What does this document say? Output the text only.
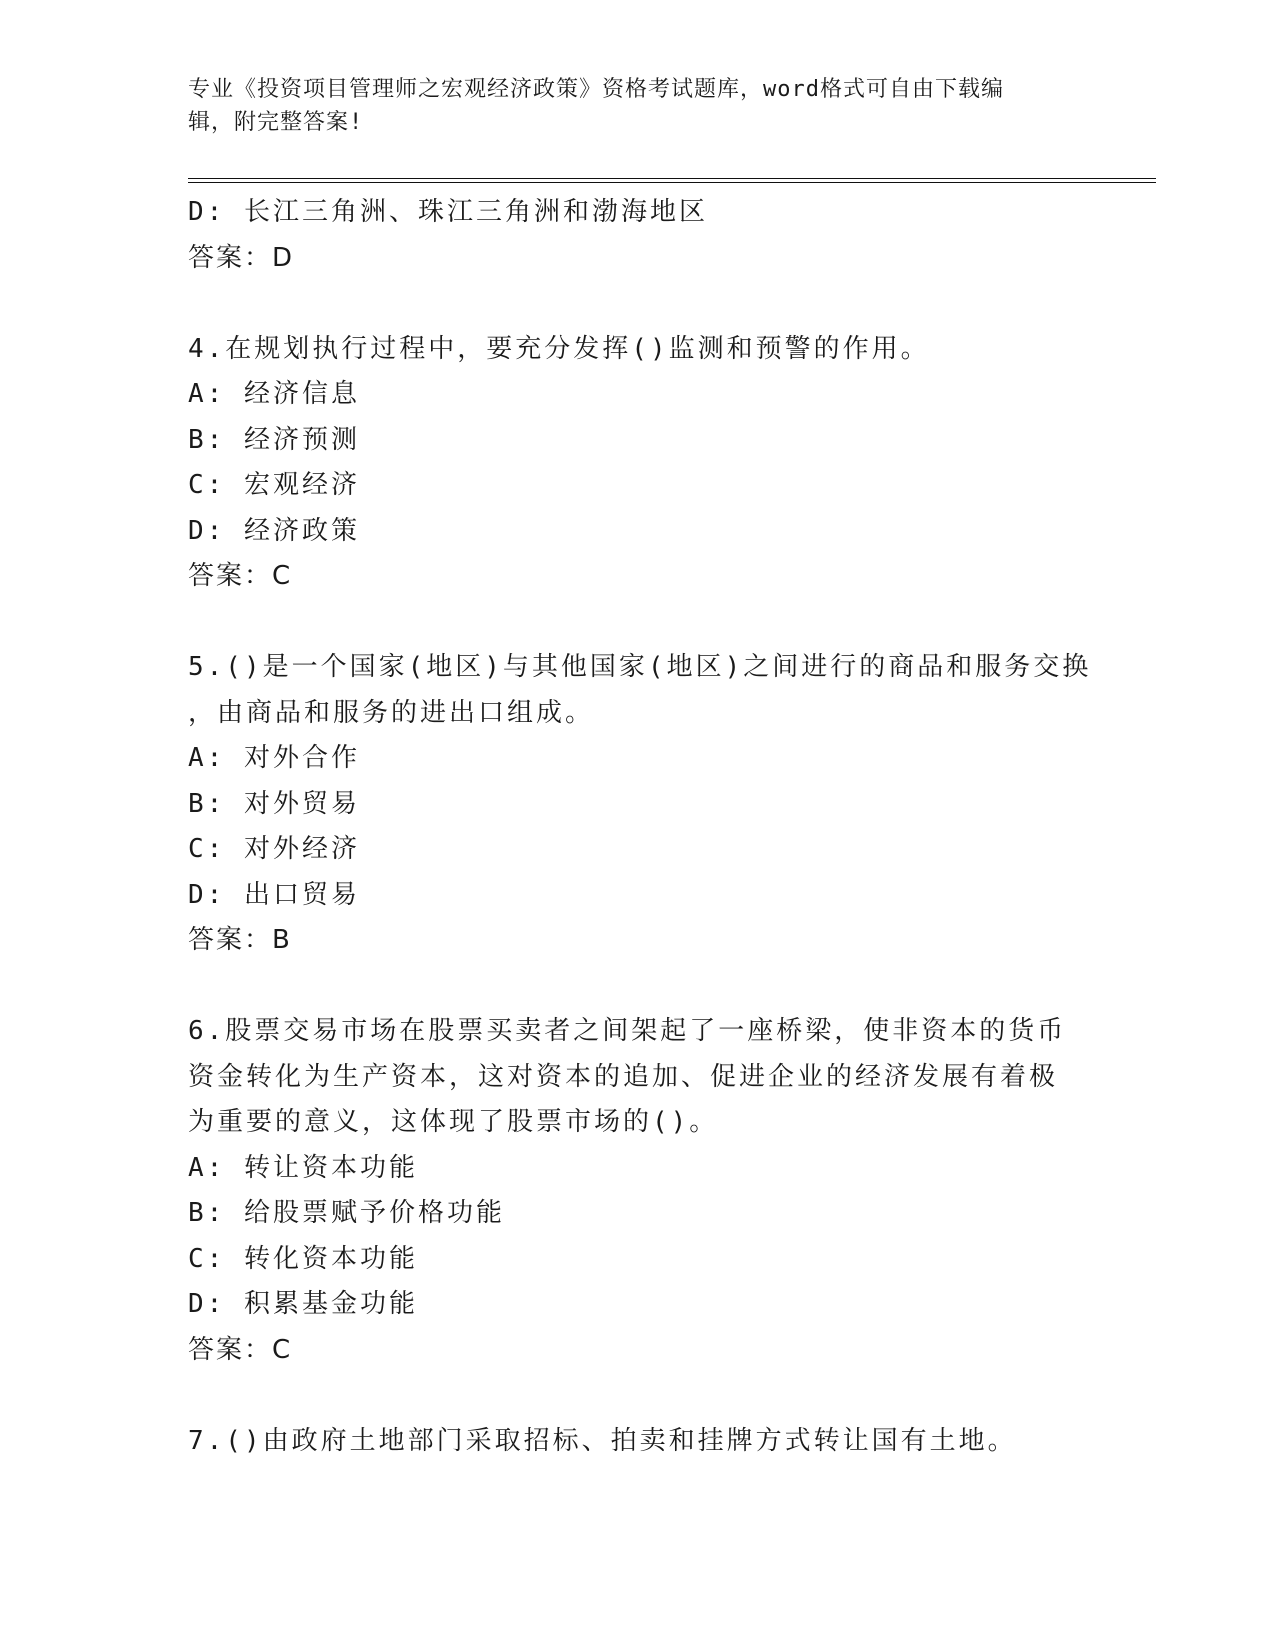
专业《投资项目管理师之宏观经济政策》资格考试题库，word格式可自由下载编
辑，附完整答案!

D: 长江三角洲、珠江三角洲和渤海地区

答案：D

4.在规划执行过程中，要充分发挥()监测和预警的作用。

A: 经济信息

B: 经济预测

C: 宏观经济

D: 经济政策

答案：C

5.()是一个国家(地区)与其他国家(地区)之间进行的商品和服务交换

，由商品和服务的进出口组成。

A: 对外合作

B: 对外贸易

C: 对外经济

D: 出口贸易

答案：B

6.股票交易市场在股票买卖者之间架起了一座桥梁，使非资本的货币

资金转化为生产资本，这对资本的追加、促进企业的经济发展有着极

为重要的意义，这体现了股票市场的()。

A: 转让资本功能

B: 给股票赋予价格功能

C: 转化资本功能

D: 积累基金功能

答案：C

7.()由政府土地部门采取招标、拍卖和挂牌方式转让国有土地。
